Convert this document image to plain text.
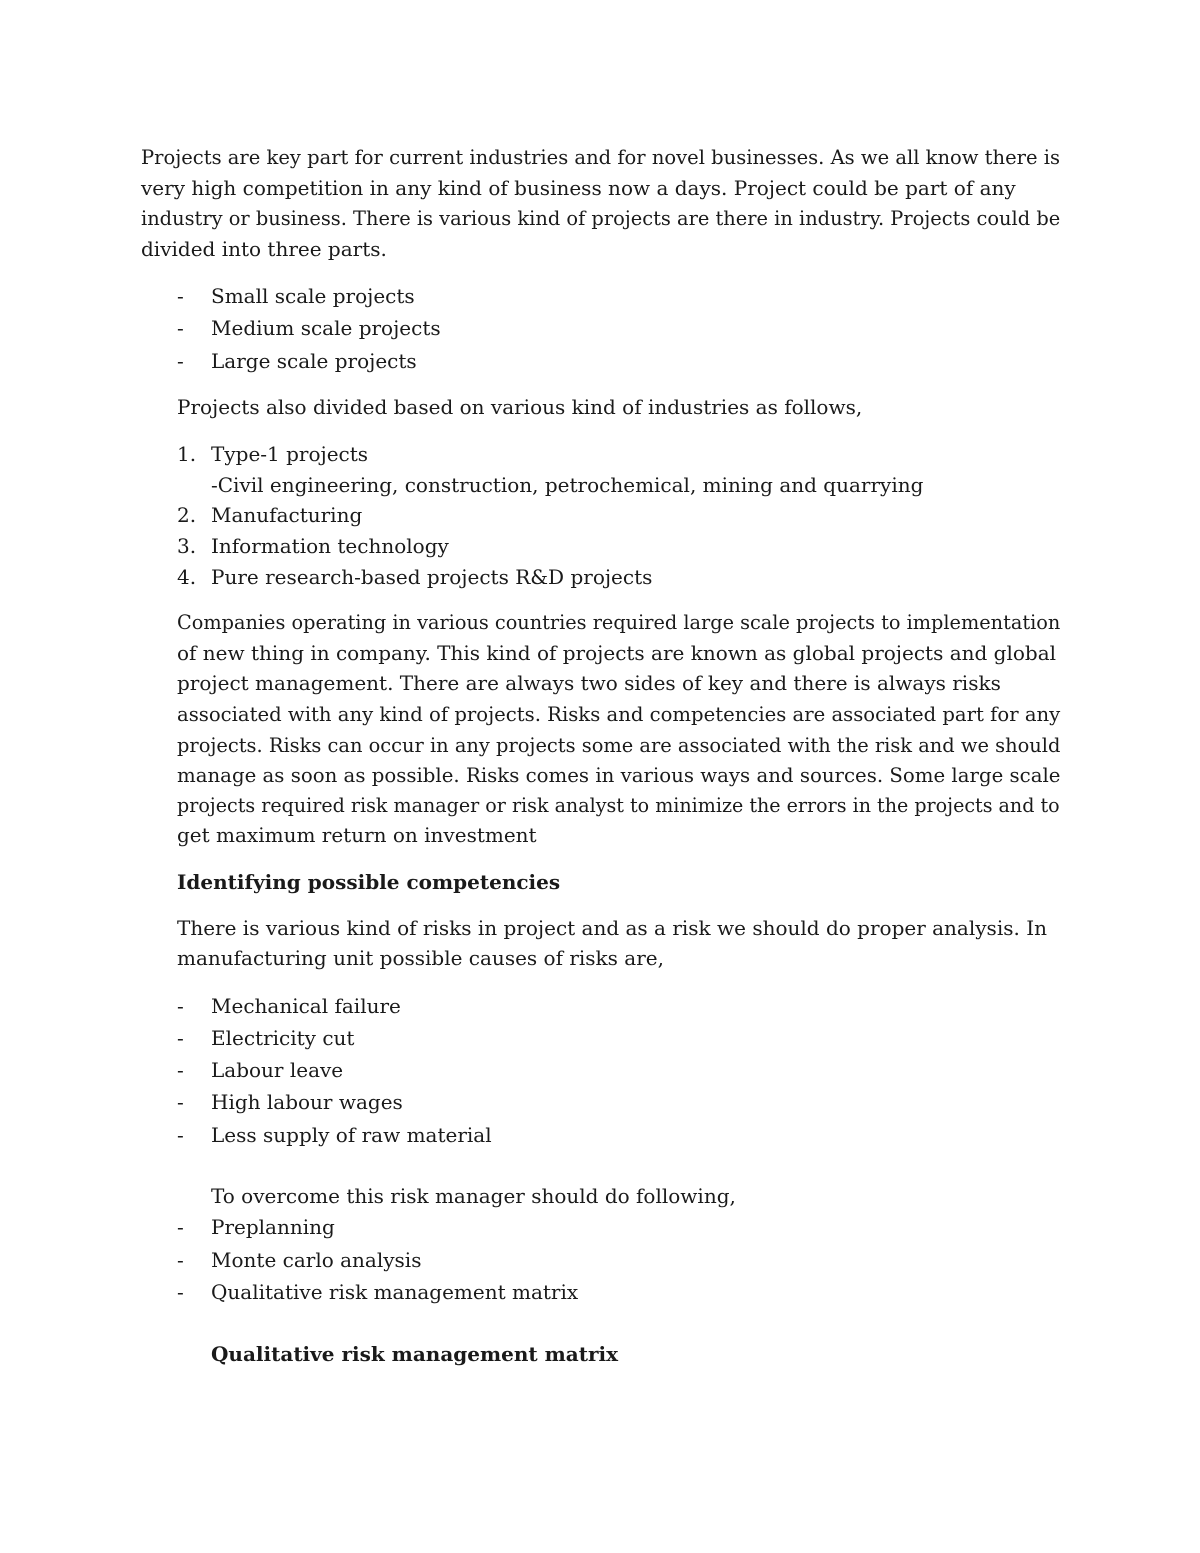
Projects are key part for current industries and for novel businesses. As we all know there is
very high competition in any kind of business now a days. Project could be part of any
industry or business. There is various kind of projects are there in industry. Projects could be
divided into three parts.
- Small scale projects
- Medium scale projects
- Large scale projects
Projects also divided based on various kind of industries as follows,
1. Type-1 projects
-Civil engineering, construction, petrochemical, mining and quarrying
2. Manufacturing
3. Information technology
4. Pure research-based projects R&D projects
Companies operating in various countries required large scale projects to implementation
of new thing in company. This kind of projects are known as global projects and global
project management. There are always two sides of key and there is always risks
associated with any kind of projects. Risks and competencies are associated part for any
projects. Risks can occur in any projects some are associated with the risk and we should
manage as soon as possible. Risks comes in various ways and sources. Some large scale
projects required risk manager or risk analyst to minimize the errors in the projects and to
get maximum return on investment
Identifying possible competencies
There is various kind of risks in project and as a risk we should do proper analysis. In
manufacturing unit possible causes of risks are,
- Mechanical failure
- Electricity cut
- Labour leave
- High labour wages
- Less supply of raw material
To overcome this risk manager should do following,
- Preplanning
- Monte carlo analysis
- Qualitative risk management matrix
Qualitative risk management matrix
